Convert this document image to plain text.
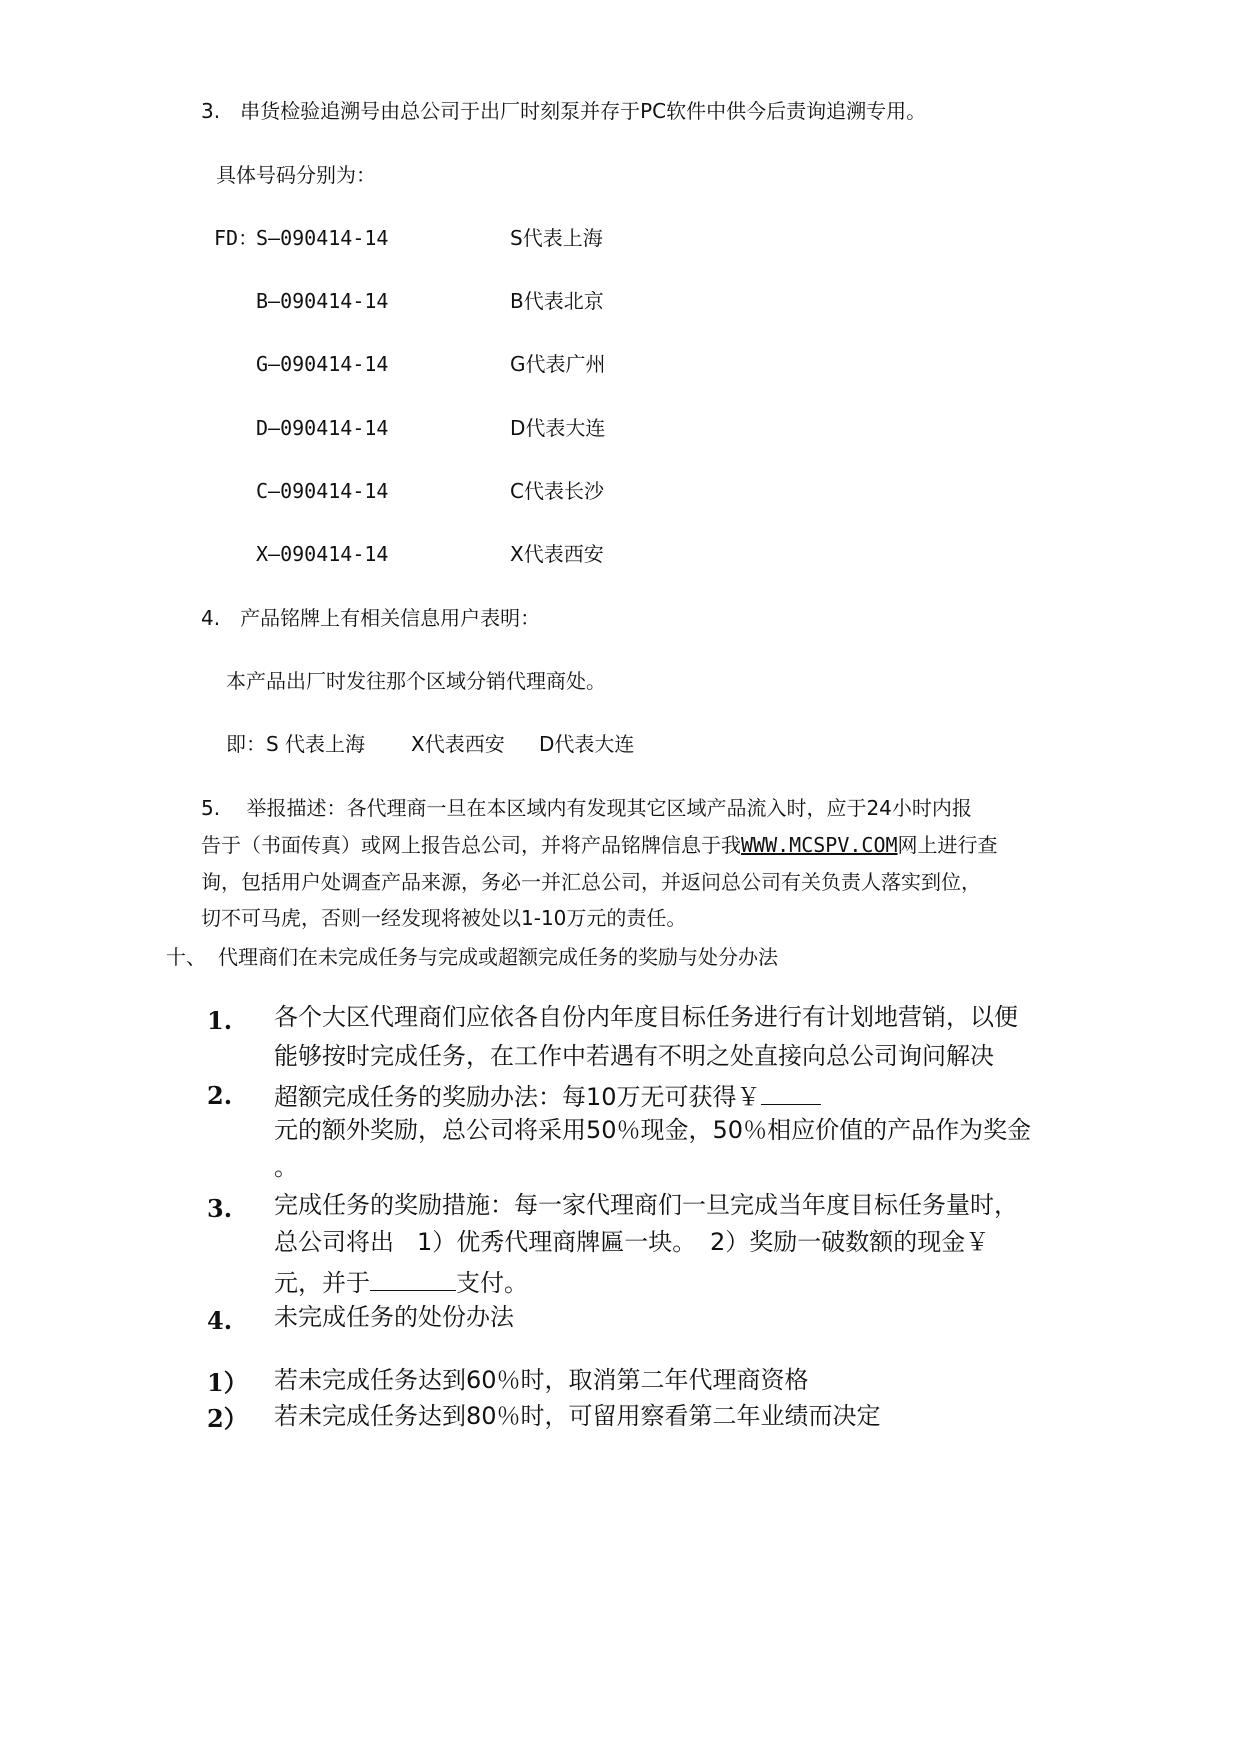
3.　串货检验追溯号由总公司于出厂时刻泵并存于PC软件中供今后责询追溯专用。
具体号码分别为：
FD：
S—090414-14	S代表上海
B—090414-14	B代表北京
G—090414-14	G代表广州
D—090414-14	D代表大连
C—090414-14	C代表长沙
X—090414-14	X代表西安
4.　产品铭牌上有相关信息用户表明：
本产品出厂时发往那个区域分销代理商处。
即：S 代表上海 X代表西安 D代表大连
5.　 举报描述：各代理商一旦在本区域内有发现其它区域产品流入时，应于24小时内报
告于（书面传真）或网上报告总公司，并将产品铭牌信息于我WWW.MCSPV.COM网上进行查
询，包括用户处调查产品来源，务必一并汇总公司，并返问总公司有关负责人落实到位，
切不可马虎，否则一经发现将被处以1-10万元的责任。
十、 代理商们在未完成任务与完成或超额完成任务的奖励与处分办法
1. 各个大区代理商们应依各自份内年度目标任务进行有计划地营销，以便
能够按时完成任务，在工作中若遇有不明之处直接向总公司询问解决
2. 超额完成任务的奖励办法：每10万无可获得￥
元的额外奖励，总公司将采用50％现金，50％相应价值的产品作为奖金
。
3. 完成任务的奖励措施：每一家代理商们一旦完成当年度目标任务量时，
总公司将出 1）优秀代理商牌匾一块。 2）奖励一破数额的现金￥
元，并于	支付。
4. 未完成任务的处份办法
1） 若未完成任务达到60％时，取消第二年代理商资格
2） 若未完成任务达到80％时，可留用察看第二年业绩而决定
